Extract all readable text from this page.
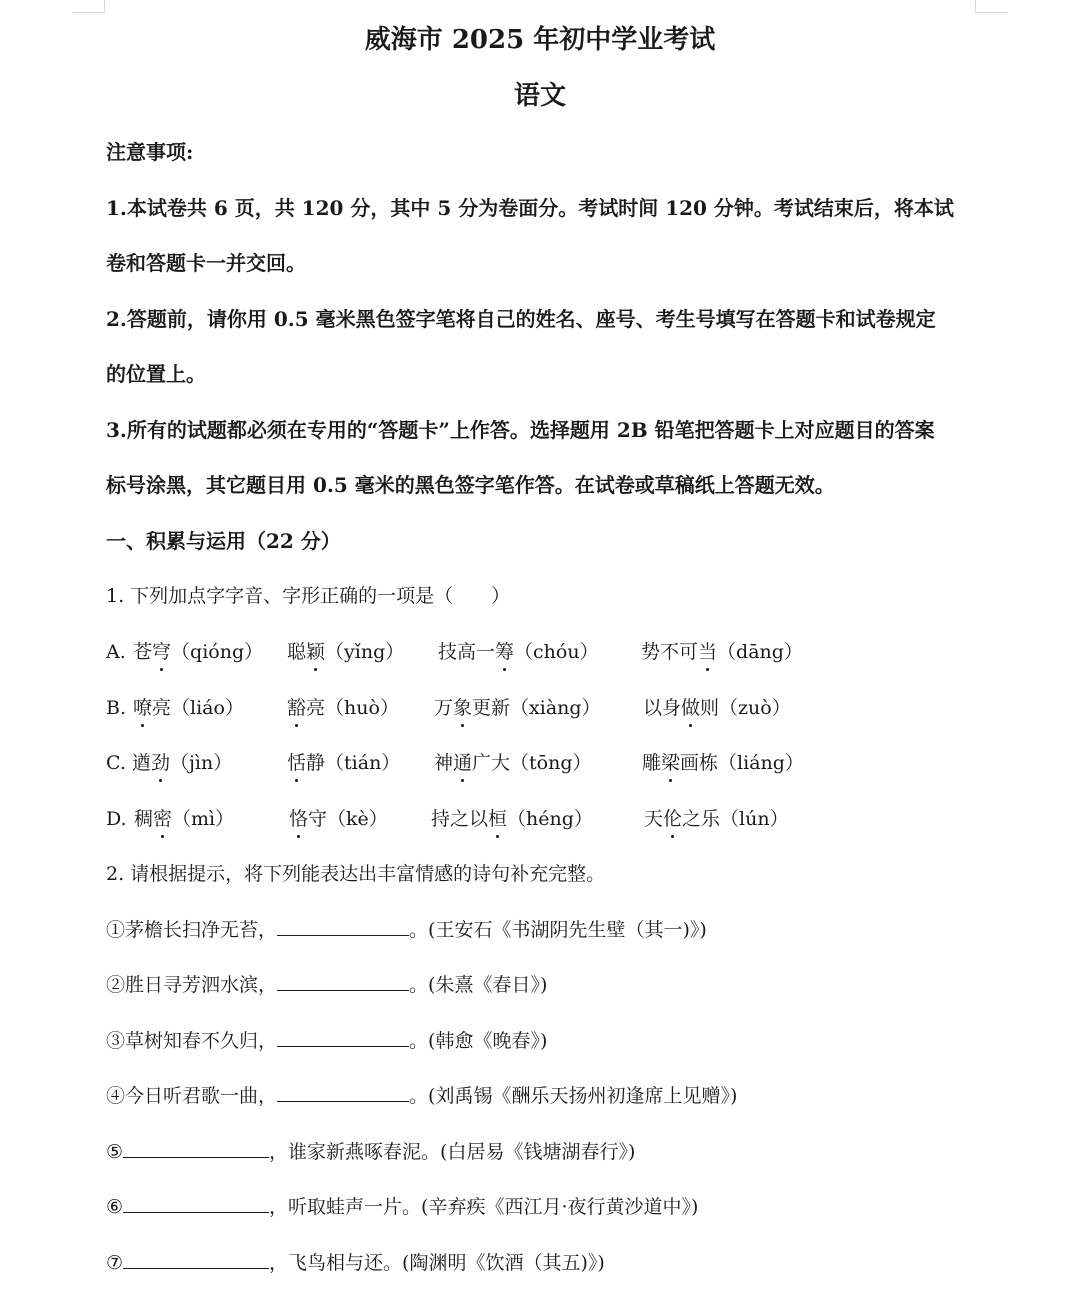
威海市 2025 年初中学业考试
语文
注意事项:
1.本试卷共 6 页，共 120 分，其中 5 分为卷面分。考试时间 120 分钟。考试结束后，将本试
卷和答题卡一并交回。
2.答题前，请你用 0.5 毫米黑色签字笔将自己的姓名、座号、考生号填写在答题卡和试卷规定
的位置上。
3.所有的试题都必须在专用的“答题卡”上作答。选择题用 2B 铅笔把答题卡上对应题目的答案
标号涂黑，其它题目用 0.5 毫米的黑色签字笔作答。在试卷或草稿纸上答题无效。
一、积累与运用（22 分）
1. 下列加点字字音、字形正确的一项是（　　）
A. 苍穹（qióng） 聪颖（yǐng） 技高一筹（chóu） 势不可当（dāng）
B. 嘹亮（liáo） 豁亮（huò） 万象更新（xiàng） 以身做则（zuò）
C. 遒劲（jìn）	恬静（tián） 神通广大（tōng）	雕梁画栋（liáng）
D. 稠密（mì）	恪守（kè） 持之以桓（héng）	天伦之乐（lún）
2. 请根据提示，将下列能表达出丰富情感的诗句补充完整。
①茅檐长扫净无苔，	。(王安石《书湖阴先生壁（其一)》)
②胜日寻芳泗水滨，	。(朱熹《春日》)
③草树知春不久归，	。(韩愈《晚春》)
④今日听君歌一曲，	。(刘禹锡《酬乐天扬州初逢席上见赠》)
⑤	，谁家新燕啄春泥。(白居易《钱塘湖春行》)
⑥	，听取蛙声一片。(辛弃疾《西江月·夜行黄沙道中》)
⑦	，飞鸟相与还。(陶渊明《饮酒（其五)》)
